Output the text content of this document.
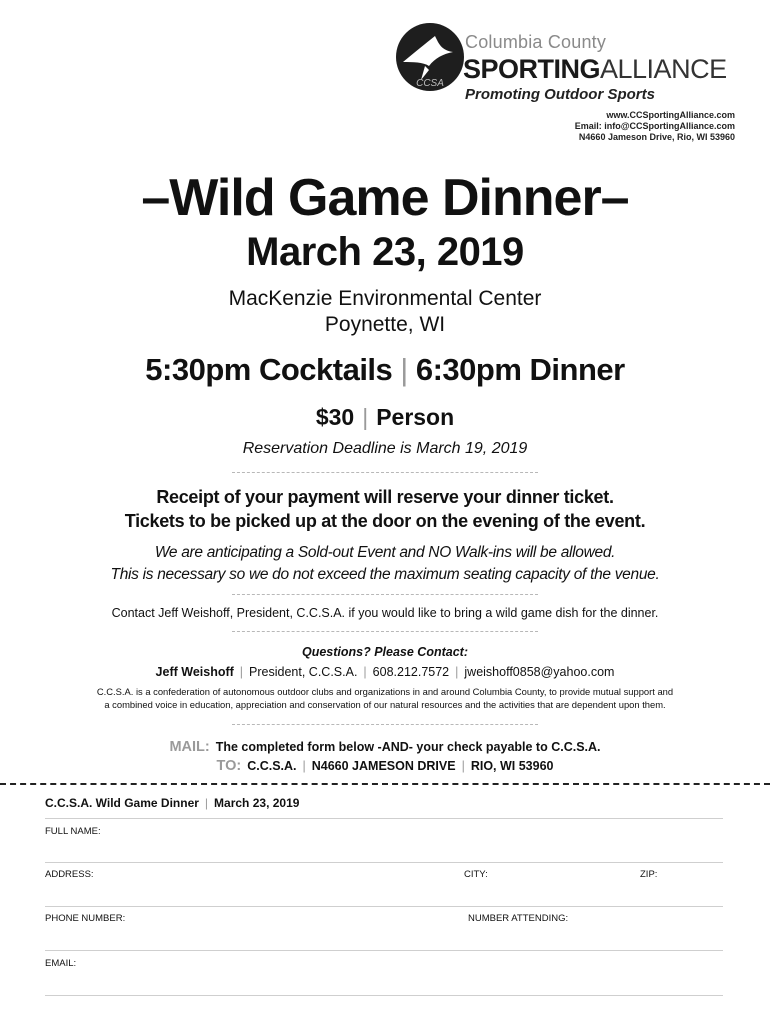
CCSA
Columbia County
SPORTINGALLIANCE
Promoting Outdoor Sports
www.CCSportingAlliance.com
Email: info@CCSportingAlliance.com
N4660 Jameson Drive, Rio, WI 53960
–Wild Game Dinner–
March 23, 2019
MacKenzie Environmental Center
Poynette, WI
5:30pm Cocktails | 6:30pm Dinner
$30 | Person
Reservation Deadline is March 19, 2019
Receipt of your payment will reserve your dinner ticket.
Tickets to be picked up at the door on the evening of the event.
We are anticipating a Sold-out Event and NO Walk-ins will be allowed.
This is necessary so we do not exceed the maximum seating capacity of the venue.
Contact Jeff Weishoff, President, C.C.S.A. if you would like to bring a wild game dish for the dinner.
Questions? Please Contact:
Jeff Weishoff | President, C.C.S.A. | 608.212.7572 | jweishoff0858@yahoo.com
C.C.S.A. is a confederation of autonomous outdoor clubs and organizations in and around Columbia County, to provide mutual support and
a combined voice in education, appreciation and conservation of our natural resources and the activities that are dependent upon them.
MAIL: The completed form below -AND- your check payable to C.C.S.A.
TO: C.C.S.A. | N4660 JAMESON DRIVE | RIO, WI 53960
C.C.S.A. Wild Game Dinner | March 23, 2019
FULL NAME:
ADDRESS:	CITY:	ZIP:
PHONE NUMBER:	NUMBER ATTENDING:
EMAIL:
